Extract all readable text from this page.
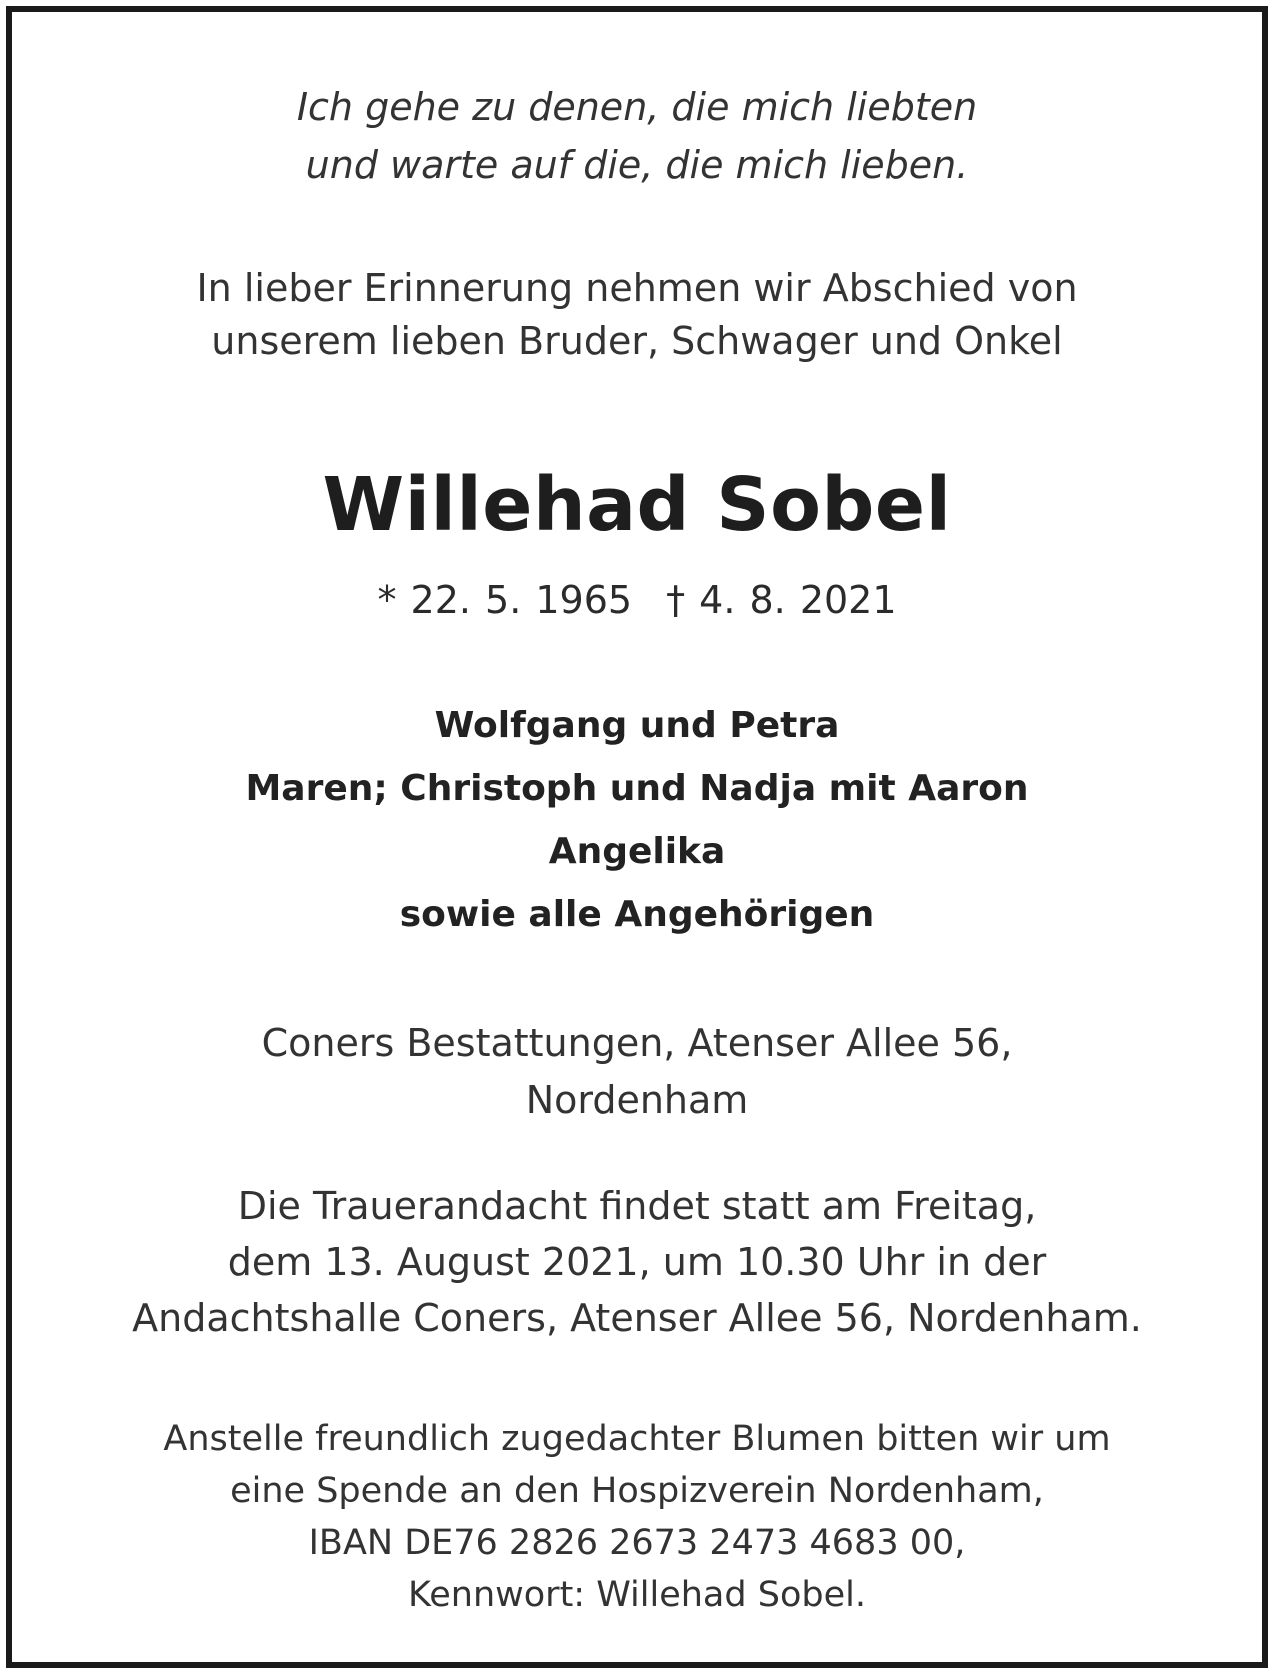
Ich gehe zu denen, die mich liebten
und warte auf die, die mich lieben.
In lieber Erinnerung nehmen wir Abschied von
unserem lieben Bruder, Schwager und Onkel
Willehad Sobel
* 22. 5. 1965 † 4. 8. 2021
Wolfgang und Petra
Maren; Christoph und Nadja mit Aaron
Angelika
sowie alle Angehörigen
Coners Bestattungen, Atenser Allee 56,
Nordenham
Die Trauerandacht findet statt am Freitag,
dem 13. August 2021, um 10.30 Uhr in der
Andachtshalle Coners, Atenser Allee 56, Nordenham.
Anstelle freundlich zugedachter Blumen bitten wir um
eine Spende an den Hospizverein Nordenham,
IBAN DE76 2826 2673 2473 4683 00,
Kennwort: Willehad Sobel.
